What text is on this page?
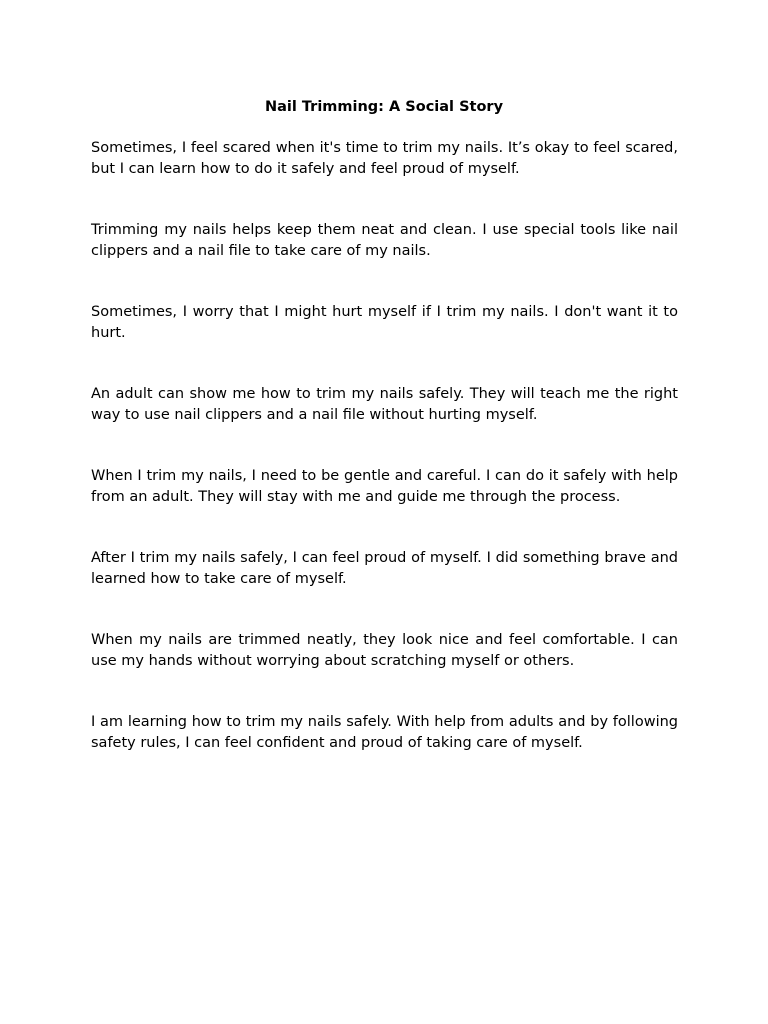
Nail Trimming: A Social Story

Sometimes, I feel scared when it's time to trim my nails. It’s okay to feel scared, but I can learn how to do it safely and feel proud of myself.

Trimming my nails helps keep them neat and clean. I use special tools like nail clippers and a nail file to take care of my nails.

Sometimes, I worry that I might hurt myself if I trim my nails. I don't want it to hurt.

An adult can show me how to trim my nails safely. They will teach me the right way to use nail clippers and a nail file without hurting myself.

When I trim my nails, I need to be gentle and careful. I can do it safely with help from an adult. They will stay with me and guide me through the process.

After I trim my nails safely, I can feel proud of myself. I did something brave and learned how to take care of myself.

When my nails are trimmed neatly, they look nice and feel comfortable. I can use my hands without worrying about scratching myself or others.

I am learning how to trim my nails safely. With help from adults and by following safety rules, I can feel confident and proud of taking care of myself.
